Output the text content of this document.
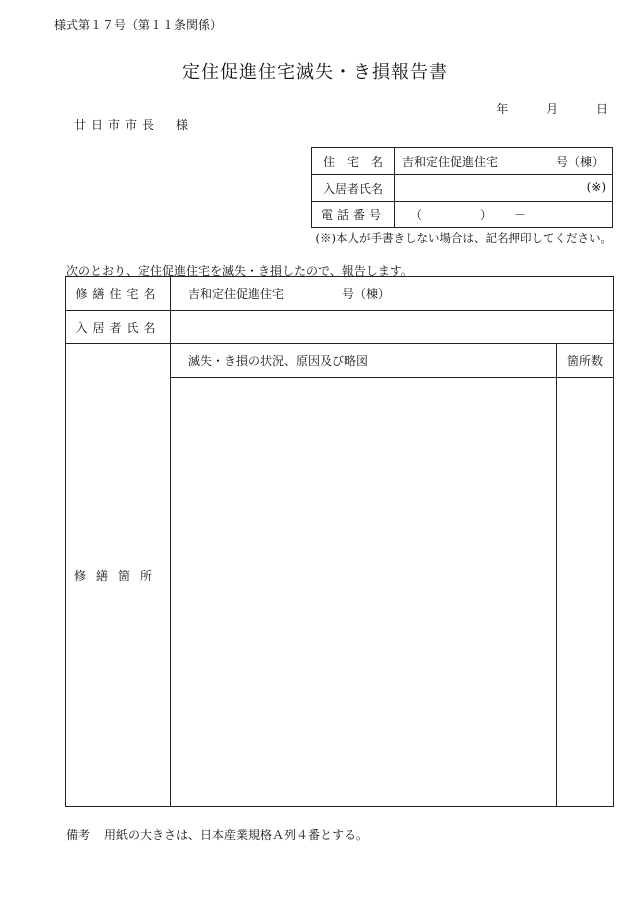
様式第１７号（第１１条関係）
定住促進住宅滅失・き損報告書
年	月	日
廿日市市長　様
住　宅　名	吉和定住促進住宅 号（棟）
入居者氏名	(※)

電話番号	（ ） －
(※)本人が手書きしない場合は、記名押印してください。
次のとおり、定住促進住宅を滅失・き損したので、報告します。
修繕住宅名	吉和定住促進住宅 号（棟）	
入居者氏名		
修繕箇所	滅失・き損の状況、原因及び略図	箇所数

備考 用紙の大きさは、日本産業規格Ａ列４番とする。
